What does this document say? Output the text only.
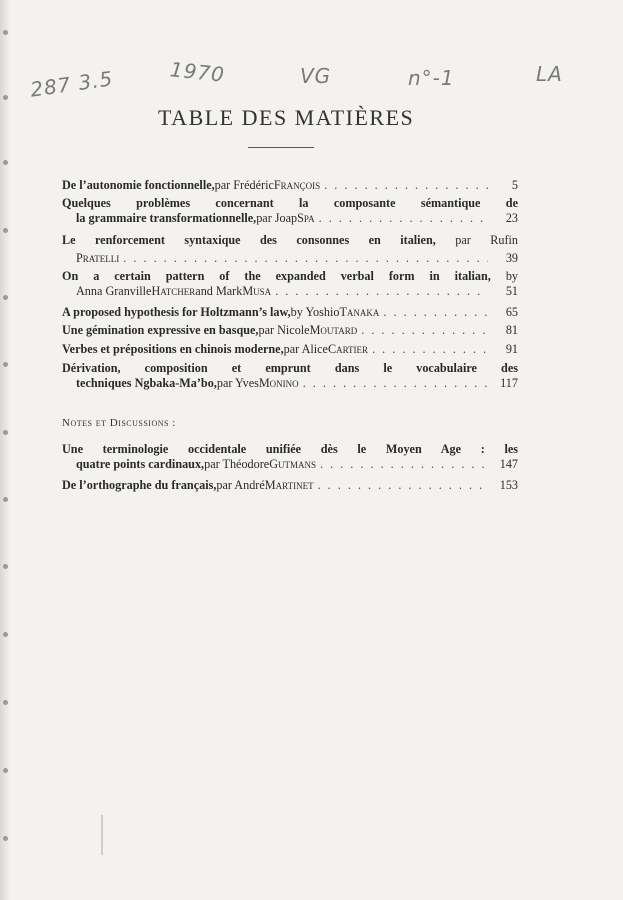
287 3.5	1970	VG	n°-1	LA
TABLE DES MATIÈRES
De l’autonomie fonctionnelle, par Frédéric François . . .	5
Quelques problèmes concernant la composante sémantique de
la grammaire transformationnelle, par Joap Spa . . .	23
Le renforcement syntaxique des consonnes en italien, par Rufin
Pratelli . . .	39
On a certain pattern of the expanded verbal form in italian, by
Anna Granville Hatcher and Mark Musa . . .	51
A proposed hypothesis for Holtzmann’s law, by Yoshio Tanaka . . .	65
Une gémination expressive en basque, par Nicole Moutard . . .	81
Verbes et prépositions en chinois moderne, par Alice Cartier . . .	91
Dérivation, composition et emprunt dans le vocabulaire des
techniques Ngbaka-Ma’bo, par Yves Monino . . .	117
Notes et Discussions :
Une terminologie occidentale unifiée dès le Moyen Age : les
quatre points cardinaux, par Théodore Gutmans . . .	147
De l’orthographe du français, par André Martinet . . .	153
